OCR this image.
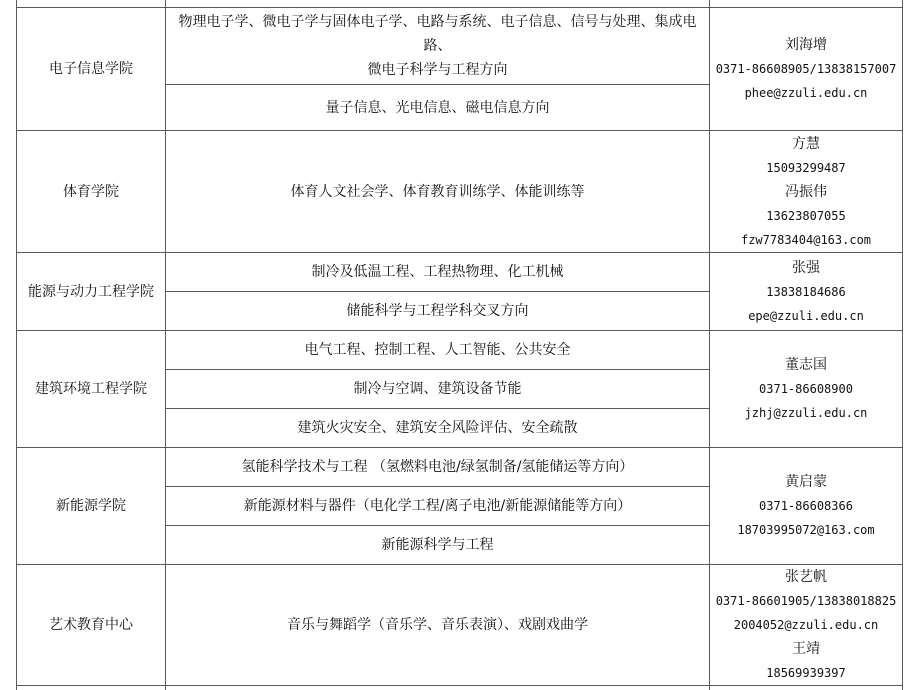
电子信息学院
物理电子学、微电子学与固体电子学、电路与系统、电子信息、信号与处理、集成电
路、
微电子科学与工程方向
量子信息、光电信息、磁电信息方向
刘海增
0371-86608905/13838157007
phee@zzuli.edu.cn
体育学院	体育人文社会学、体育教育训练学、体能训练等
方慧
15093299487
冯振伟
13623807055
fzw7783404@163.com
能源与动力工程学院
制冷及低温工程、工程热物理、化工机械
储能科学与工程学科交叉方向
张强
13838184686
epe@zzuli.edu.cn
建筑环境工程学院
电气工程、控制工程、人工智能、公共安全
制冷与空调、建筑设备节能
建筑火灾安全、建筑安全风险评估、安全疏散
董志国
0371-86608900
jzhj@zzuli.edu.cn
新能源学院
氢能科学技术与工程 （氢燃料电池/绿氢制备/氢能储运等方向）
新能源材料与器件（电化学工程/离子电池/新能源储能等方向）
新能源科学与工程
黄启蒙
0371-86608366
18703995072@163.com
艺术教育中心	音乐与舞蹈学（音乐学、音乐表演）、戏剧戏曲学
张艺帆
0371-86601905/13838018825
2004052@zzuli.edu.cn
王靖
18569939397
